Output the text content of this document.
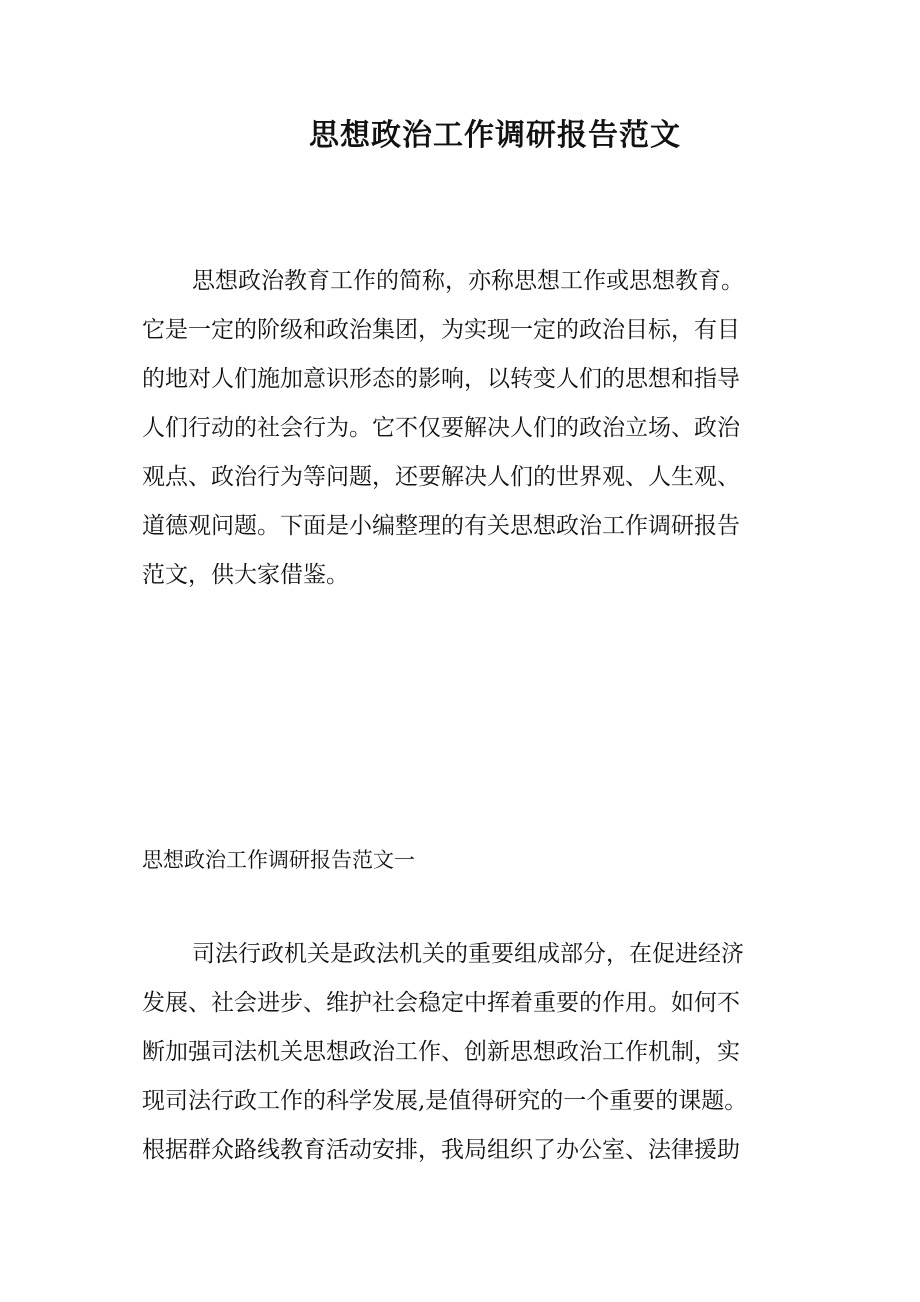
思想政治工作调研报告范文
思想政治教育工作的简称，亦称思想工作或思想教育。
它是一定的阶级和政治集团，为实现一定的政治目标，有目
的地对人们施加意识形态的影响，以转变人们的思想和指导
人们行动的社会行为。它不仅要解决人们的政治立场、政治
观点、政治行为等问题，还要解决人们的世界观、人生观、
道德观问题。下面是小编整理的有关思想政治工作调研报告
范文，供大家借鉴。
思想政治工作调研报告范文一
司法行政机关是政法机关的重要组成部分，在促进经济
发展、社会进步、维护社会稳定中挥着重要的作用。如何不
断加强司法机关思想政治工作、创新思想政治工作机制，实
现司法行政工作的科学发展,是值得研究的一个重要的课题。
根据群众路线教育活动安排，我局组织了办公室、法律援助
